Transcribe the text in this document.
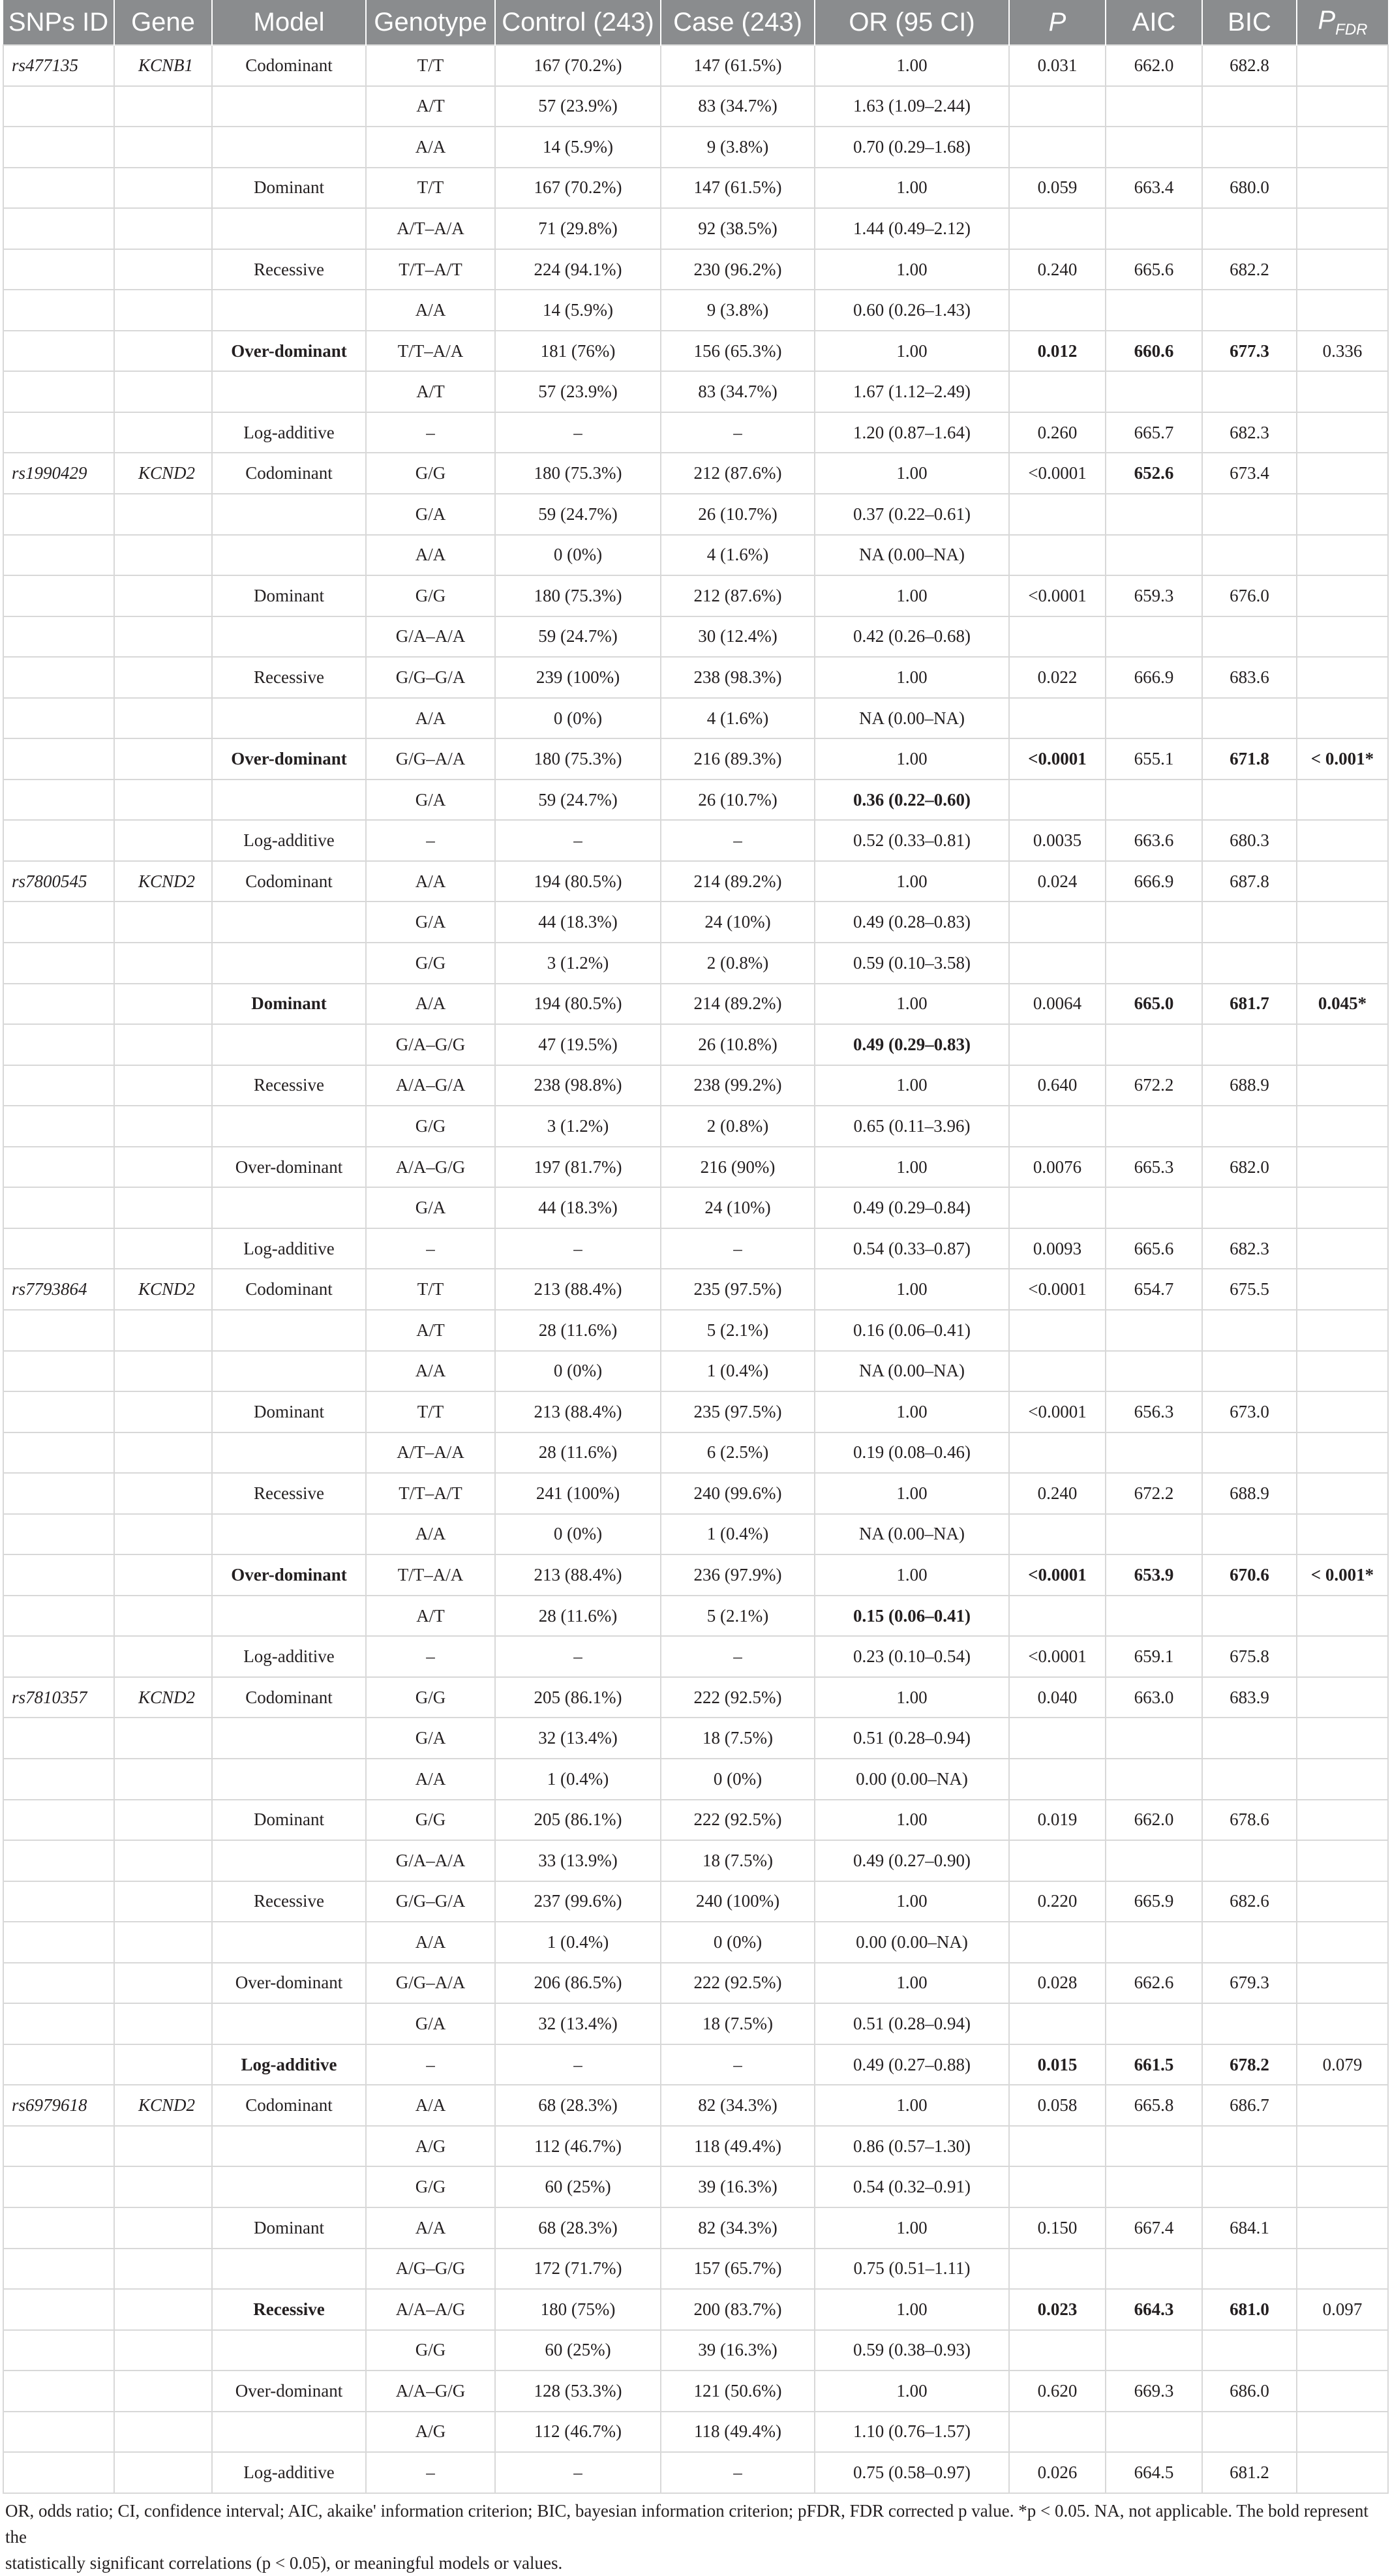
SNPs ID	Gene	Model	Genotype	Control (243)	Case (243)	OR (95 CI)	P	AIC	BIC	$P_{FDR}$
rs477135	KCNB1	Codominant	T/T	167 (70.2%)	147 (61.5%)	1.00	0.031	662.0	682.8	
			A/T	57 (23.9%)	83 (34.7%)	1.63 (1.09–2.44)				
			A/A	14 (5.9%)	9 (3.8%)	0.70 (0.29–1.68)				
		Dominant	T/T	167 (70.2%)	147 (61.5%)	1.00	0.059	663.4	680.0	
			A/T–A/A	71 (29.8%)	92 (38.5%)	1.44 (0.49–2.12)				
		Recessive	T/T–A/T	224 (94.1%)	230 (96.2%)	1.00	0.240	665.6	682.2	
			A/A	14 (5.9%)	9 (3.8%)	0.60 (0.26–1.43)				
		Over-dominant	T/T–A/A	181 (76%)	156 (65.3%)	1.00	0.012	660.6	677.3	0.336
			A/T	57 (23.9%)	83 (34.7%)	1.67 (1.12–2.49)				
		Log-additive	–	–	–	1.20 (0.87–1.64)	0.260	665.7	682.3	
rs1990429	KCND2	Codominant	G/G	180 (75.3%)	212 (87.6%)	1.00	<0.0001	652.6	673.4	
			G/A	59 (24.7%)	26 (10.7%)	0.37 (0.22–0.61)				
			A/A	0 (0%)	4 (1.6%)	NA (0.00–NA)				
		Dominant	G/G	180 (75.3%)	212 (87.6%)	1.00	<0.0001	659.3	676.0	
			G/A–A/A	59 (24.7%)	30 (12.4%)	0.42 (0.26–0.68)				
		Recessive	G/G–G/A	239 (100%)	238 (98.3%)	1.00	0.022	666.9	683.6	
			A/A	0 (0%)	4 (1.6%)	NA (0.00–NA)				
		Over-dominant	G/G–A/A	180 (75.3%)	216 (89.3%)	1.00	<0.0001	655.1	671.8	< 0.001*
			G/A	59 (24.7%)	26 (10.7%)	0.36 (0.22–0.60)				
		Log-additive	–	–	–	0.52 (0.33–0.81)	0.0035	663.6	680.3	
rs7800545	KCND2	Codominant	A/A	194 (80.5%)	214 (89.2%)	1.00	0.024	666.9	687.8	
			G/A	44 (18.3%)	24 (10%)	0.49 (0.28–0.83)				
			G/G	3 (1.2%)	2 (0.8%)	0.59 (0.10–3.58)				
		Dominant	A/A	194 (80.5%)	214 (89.2%)	1.00	0.0064	665.0	681.7	0.045*
			G/A–G/G	47 (19.5%)	26 (10.8%)	0.49 (0.29–0.83)				
		Recessive	A/A–G/A	238 (98.8%)	238 (99.2%)	1.00	0.640	672.2	688.9	
			G/G	3 (1.2%)	2 (0.8%)	0.65 (0.11–3.96)				
		Over-dominant	A/A–G/G	197 (81.7%)	216 (90%)	1.00	0.0076	665.3	682.0	
			G/A	44 (18.3%)	24 (10%)	0.49 (0.29–0.84)				
		Log-additive	–	–	–	0.54 (0.33–0.87)	0.0093	665.6	682.3	
rs7793864	KCND2	Codominant	T/T	213 (88.4%)	235 (97.5%)	1.00	<0.0001	654.7	675.5	
			A/T	28 (11.6%)	5 (2.1%)	0.16 (0.06–0.41)				
			A/A	0 (0%)	1 (0.4%)	NA (0.00–NA)				
		Dominant	T/T	213 (88.4%)	235 (97.5%)	1.00	<0.0001	656.3	673.0	
			A/T–A/A	28 (11.6%)	6 (2.5%)	0.19 (0.08–0.46)				
		Recessive	T/T–A/T	241 (100%)	240 (99.6%)	1.00	0.240	672.2	688.9	
			A/A	0 (0%)	1 (0.4%)	NA (0.00–NA)				
		Over-dominant	T/T–A/A	213 (88.4%)	236 (97.9%)	1.00	<0.0001	653.9	670.6	< 0.001*
			A/T	28 (11.6%)	5 (2.1%)	0.15 (0.06–0.41)				
		Log-additive	–	–	–	0.23 (0.10–0.54)	<0.0001	659.1	675.8	
rs7810357	KCND2	Codominant	G/G	205 (86.1%)	222 (92.5%)	1.00	0.040	663.0	683.9	
			G/A	32 (13.4%)	18 (7.5%)	0.51 (0.28–0.94)				
			A/A	1 (0.4%)	0 (0%)	0.00 (0.00–NA)				
		Dominant	G/G	205 (86.1%)	222 (92.5%)	1.00	0.019	662.0	678.6	
			G/A–A/A	33 (13.9%)	18 (7.5%)	0.49 (0.27–0.90)				
		Recessive	G/G–G/A	237 (99.6%)	240 (100%)	1.00	0.220	665.9	682.6	
			A/A	1 (0.4%)	0 (0%)	0.00 (0.00–NA)				
		Over-dominant	G/G–A/A	206 (86.5%)	222 (92.5%)	1.00	0.028	662.6	679.3	
			G/A	32 (13.4%)	18 (7.5%)	0.51 (0.28–0.94)				
		Log-additive	–	–	–	0.49 (0.27–0.88)	0.015	661.5	678.2	0.079
rs6979618	KCND2	Codominant	A/A	68 (28.3%)	82 (34.3%)	1.00	0.058	665.8	686.7	
			A/G	112 (46.7%)	118 (49.4%)	0.86 (0.57–1.30)				
			G/G	60 (25%)	39 (16.3%)	0.54 (0.32–0.91)				
		Dominant	A/A	68 (28.3%)	82 (34.3%)	1.00	0.150	667.4	684.1	
			A/G–G/G	172 (71.7%)	157 (65.7%)	0.75 (0.51–1.11)				
		Recessive	A/A–A/G	180 (75%)	200 (83.7%)	1.00	0.023	664.3	681.0	0.097
			G/G	60 (25%)	39 (16.3%)	0.59 (0.38–0.93)				
		Over-dominant	A/A–G/G	128 (53.3%)	121 (50.6%)	1.00	0.620	669.3	686.0	
			A/G	112 (46.7%)	118 (49.4%)	1.10 (0.76–1.57)				
		Log-additive	–	–	–	0.75 (0.58–0.97)	0.026	664.5	681.2	
OR, odds ratio; CI, confidence interval; AIC, akaike' information criterion; BIC, bayesian information criterion; pFDR, FDR corrected p value. *p < 0.05. NA, not applicable. The bold represent the
statistically significant correlations (p < 0.05), or meaningful models or values.
